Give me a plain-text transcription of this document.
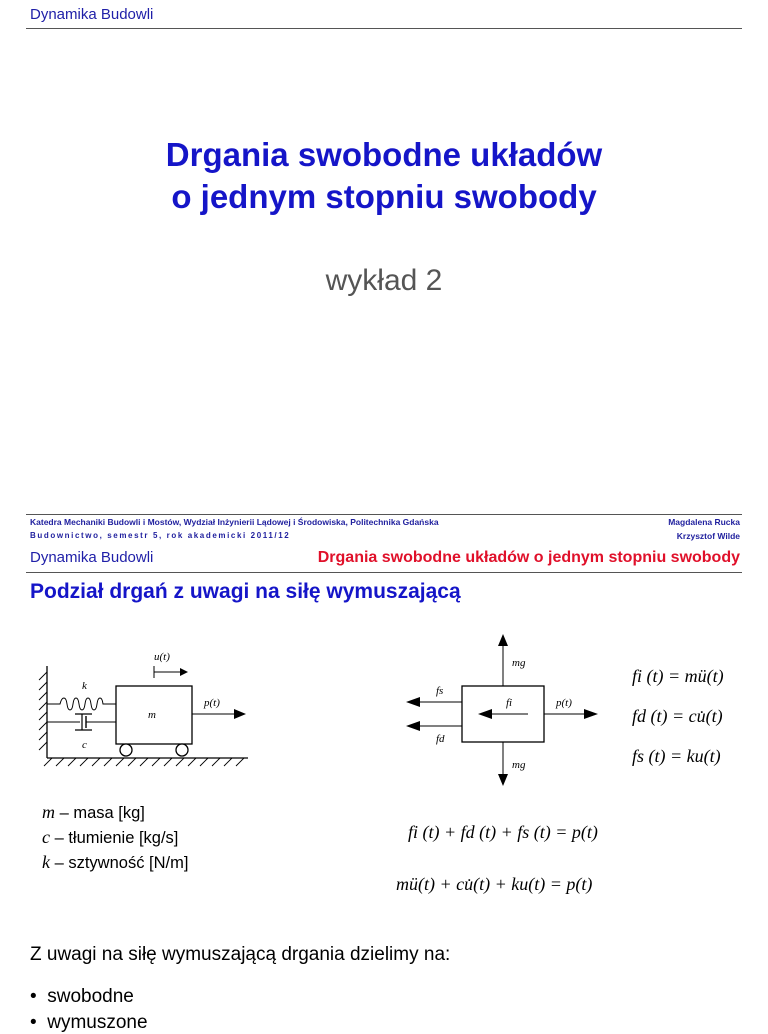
Dynamika Budowli
Drgania swobodne układów
o jednym stopniu swobody
wykład 2
Katedra Mechaniki Budowli i Mostów, Wydział Inżynierii Lądowej i Środowiska, Politechnika Gdańska
Budownictwo, semestr 5, rok akademicki 2011/12
Magdalena Rucka
Krzysztof Wilde
Dynamika Budowli	Drgania swobodne układów o jednym stopniu swobody
Podział drgań z uwagi na siłę wymuszającą
u(t)
k
m
c
p(t)
mg
mg
fs
fd
fi	p(t)
fi (t) = mü(t)
fd (t) = cu̇(t)
fs (t) = ku(t)
m – masa [kg]
c – tłumienie [kg/s]
k – sztywność [N/m]
fi (t) + fd (t) + fs (t) = p(t)
mü(t) + cu̇(t) + ku(t) = p(t)
Z uwagi na siłę wymuszającą drgania dzielimy na:
•  swobodne
•  wymuszone
